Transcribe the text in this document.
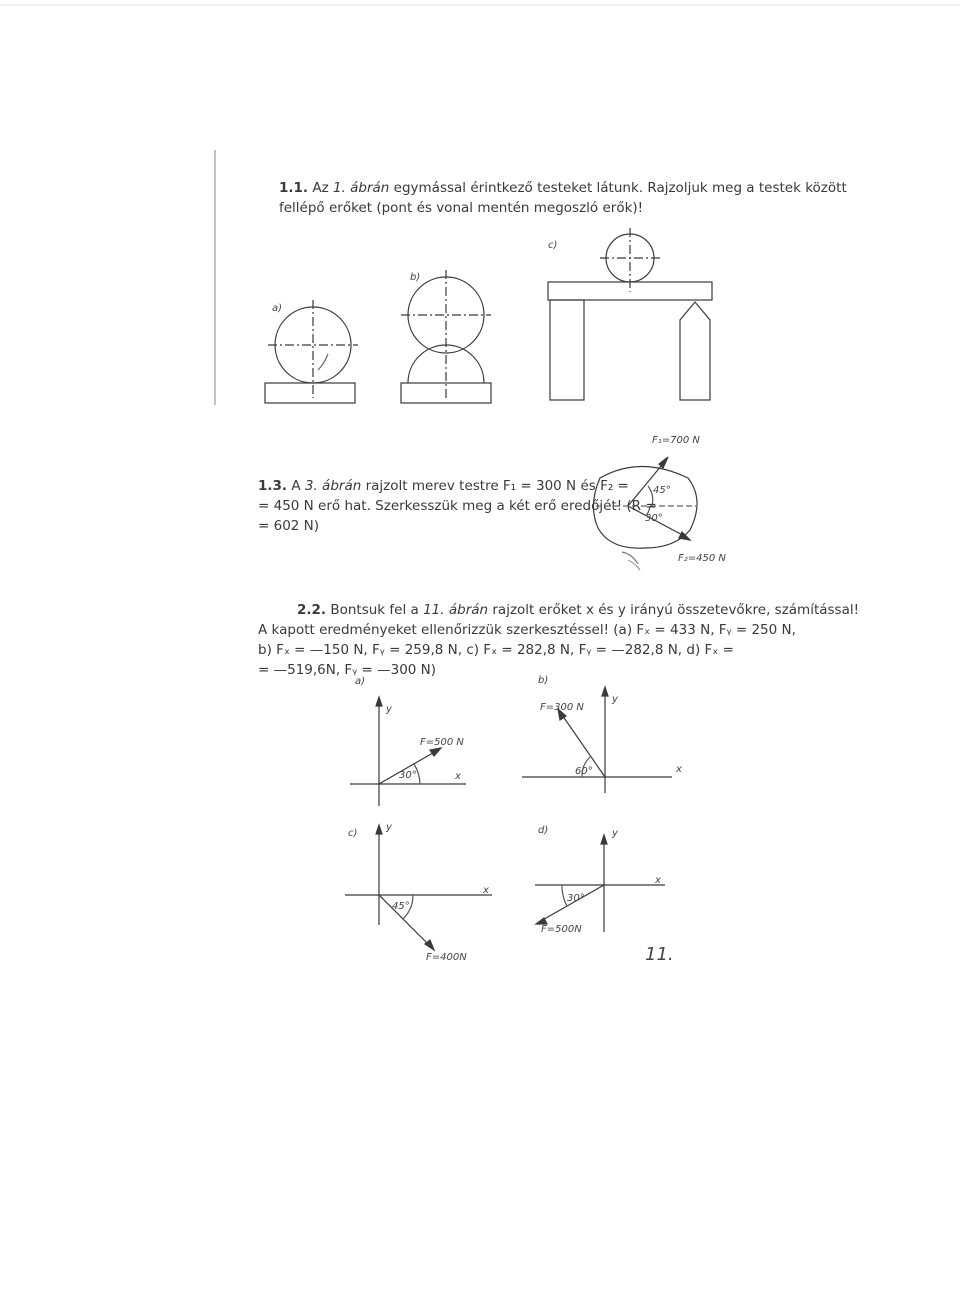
1.1. Az 1. ábrán egymással érintkező testeket látunk. Rajzoljuk meg a testek között
fellépő erőket (pont és vonal mentén megoszló erők)!
1.3. A 3. ábrán rajzolt merev testre F₁ = 300 N és F₂ =
= 450 N erő hat. Szerkesszük meg a két erő eredőjét! (R =
= 602 N)
2.2. Bontsuk fel a 11. ábrán rajzolt erőket x és y irányú összetevőkre, számítással!
A kapott eredményeket ellenőrizzük szerkesztéssel! (a) Fₓ = 433 N, Fᵧ = 250 N,
b) Fₓ = —150 N, Fᵧ = 259,8 N, c) Fₓ = 282,8 N, Fᵧ = —282,8 N, d) Fₓ =
= —519,6N, Fᵧ = —300 N)
a)
b)
c)
F₁=700 N
F₂=450 N
45°
30°
a)
y
x
F=500 N
30°
b)
y
x
F=300 N
60°
c)
y
x
F=400N
45°
d)	y
x
F=500N
30°
11.
